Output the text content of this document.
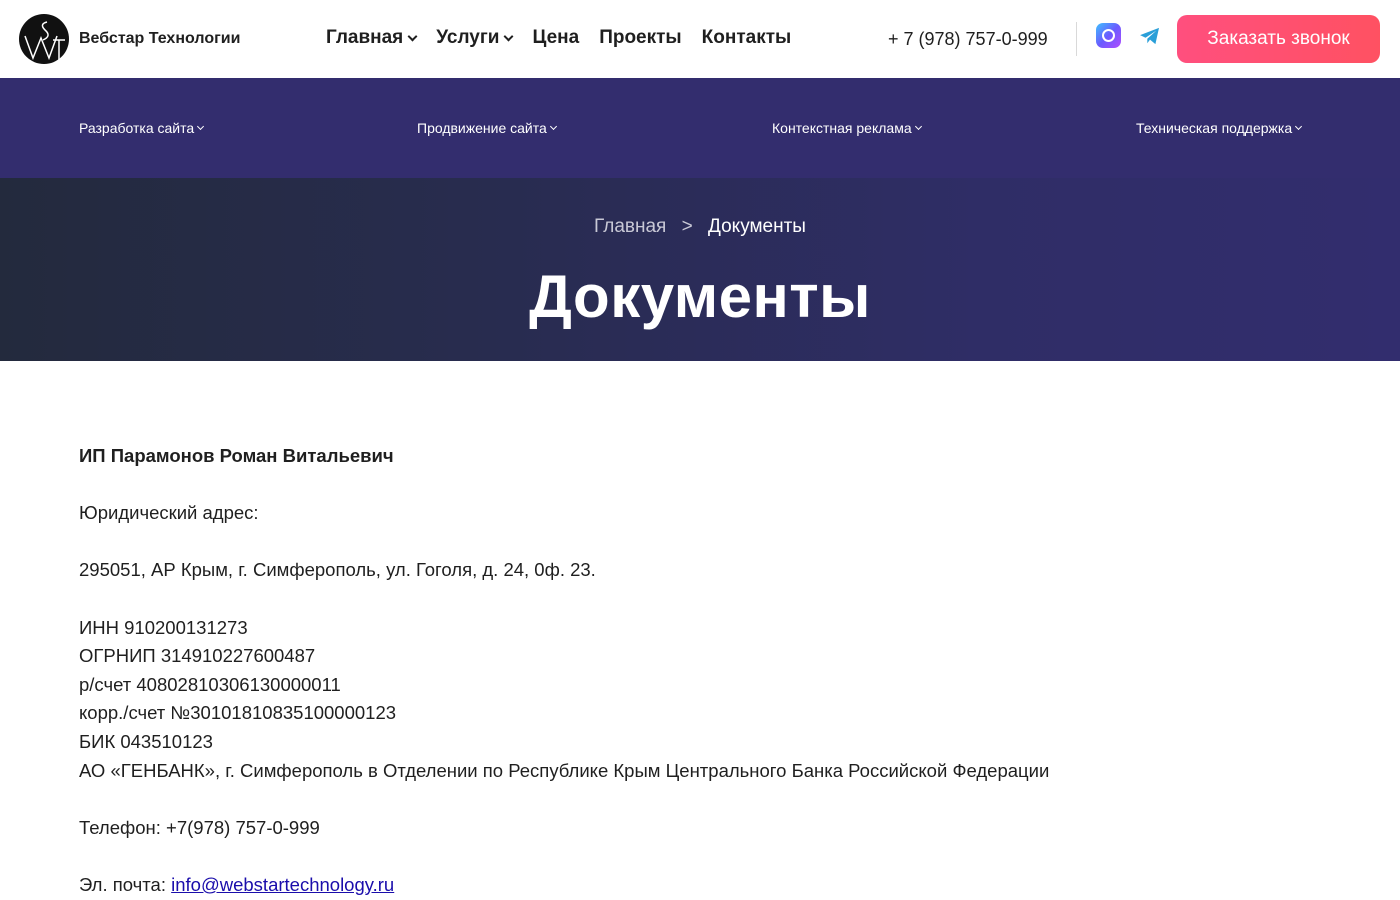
Вебстар Технологии	Главная Услуги Цена Проекты Контакты	+ 7 (978) 757-0-999	Заказать звонок
Разработка сайта	Продвижение сайта	Контекстная реклама	Техническая поддержка
Главная > Документы
Документы

ИП Парамонов Роман Витальевич

Юридический адрес:

295051, АР Крым, г. Симферополь, ул. Гоголя, д. 24, 0ф. 23.

ИНН 910200131273

ОГРНИП 314910227600487

р/счет 40802810306130000011

корр./счет №30101810835100000123

БИК 043510123

АО «ГЕНБАНК», г. Симферополь в Отделении по Республике Крым Центрального Банка Российской Федерации

Телефон: +7(978) 757-0-999

Эл. почта: info@webstartechnology.ru
